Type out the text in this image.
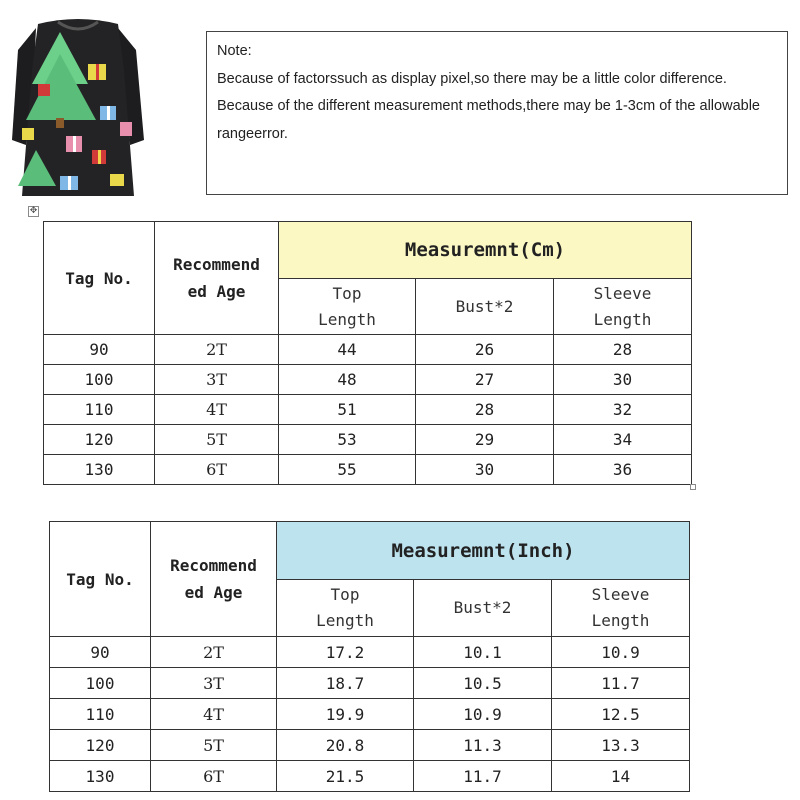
Note:

Because of factorssuch as display pixel,so there may be a little color difference.

Because of the different measurement methods,there may be 1-3cm of the allowable rangeerror.

✥
Tag No.	Recommend ed Age	Measuremnt(Cm)		
		Top Length	Bust*2	Sleeve Length
90	2T	44	26	28
100	3T	48	27	30
110	4T	51	28	32
120	5T	53	29	34
130	6T	55	30	36
Tag No.	Recommend ed Age	Measuremnt(Inch)		
		Top Length	Bust*2	Sleeve Length
90	2T	17.2	10.1	10.9
100	3T	18.7	10.5	11.7
110	4T	19.9	10.9	12.5
120	5T	20.8	11.3	13.3
130	6T	21.5	11.7	14
